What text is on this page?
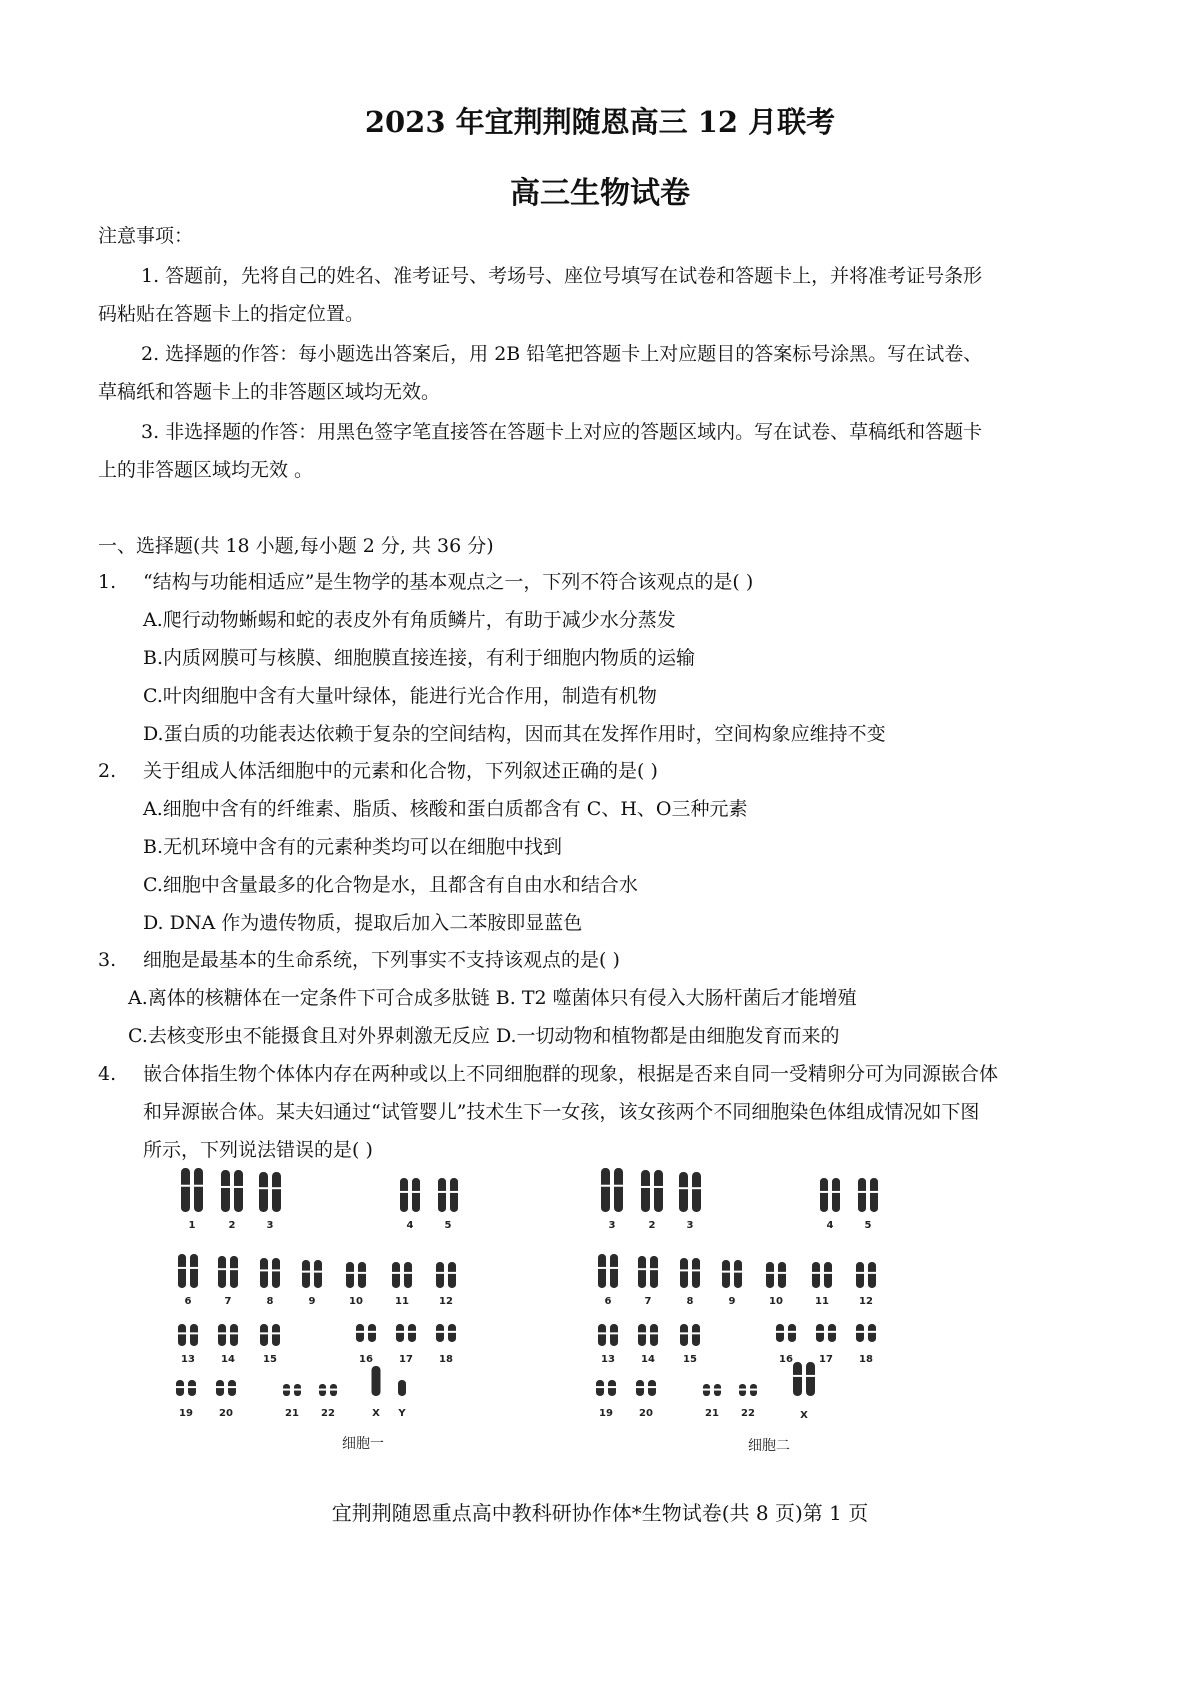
2023 年宜荆荆随恩高三 12 月联考
高三生物试卷
注意事项：
1. 答题前，先将自己的姓名、准考证号、考场号、座位号填写在试卷和答题卡上，并将准考证号条形
码粘贴在答题卡上的指定位置。
2. 选择题的作答：每小题选出答案后，用 2B 铅笔把答题卡上对应题目的答案标号涂黑。写在试卷、
草稿纸和答题卡上的非答题区域均无效。
3. 非选择题的作答：用黑色签字笔直接答在答题卡上对应的答题区域内。写在试卷、草稿纸和答题卡
上的非答题区域均无效 。
一、选择题(共 18 小题,每小题 2 分, 共 36 分)
1. “结构与功能相适应”是生物学的基本观点之一，下列不符合该观点的是( )
A.爬行动物蜥蜴和蛇的表皮外有角质鳞片，有助于减少水分蒸发
B.内质网膜可与核膜、细胞膜直接连接，有利于细胞内物质的运输
C.叶肉细胞中含有大量叶绿体，能进行光合作用，制造有机物
D.蛋白质的功能表达依赖于复杂的空间结构，因而其在发挥作用时，空间构象应维持不变
2. 关于组成人体活细胞中的元素和化合物，下列叙述正确的是( )
A.细胞中含有的纤维素、脂质、核酸和蛋白质都含有 C、H、O三种元素
B.无机环境中含有的元素种类均可以在细胞中找到
C.细胞中含量最多的化合物是水，且都含有自由水和结合水
D. DNA 作为遗传物质，提取后加入二苯胺即显蓝色
3. 细胞是最基本的生命系统，下列事实不支持该观点的是( )
A.离体的核糖体在一定条件下可合成多肽链 B. T2 噬菌体只有侵入大肠杆菌后才能增殖
C.去核变形虫不能摄食且对外界刺激无反应 D.一切动物和植物都是由细胞发育而来的
4. 嵌合体指生物个体体内存在两种或以上不同细胞群的现象，根据是否来自同一受精卵分可为同源嵌合体
和异源嵌合体。某夫妇通过“试管婴儿”技术生下一女孩，该女孩两个不同细胞染色体组成情况如下图
所示，下列说法错误的是( )
1	2	3	4	5
6	7	8	9	10	11	12
13	14	15	16	17	18
19	20	21 22	X Y
3	2	3	4	5
6	7	8	9	10	11	12
13	14	15	16	17	18
19	20	21 22	X
细胞一	细胞二
宜荆荆随恩重点高中教科研协作体*生物试卷(共 8 页)第 1 页
